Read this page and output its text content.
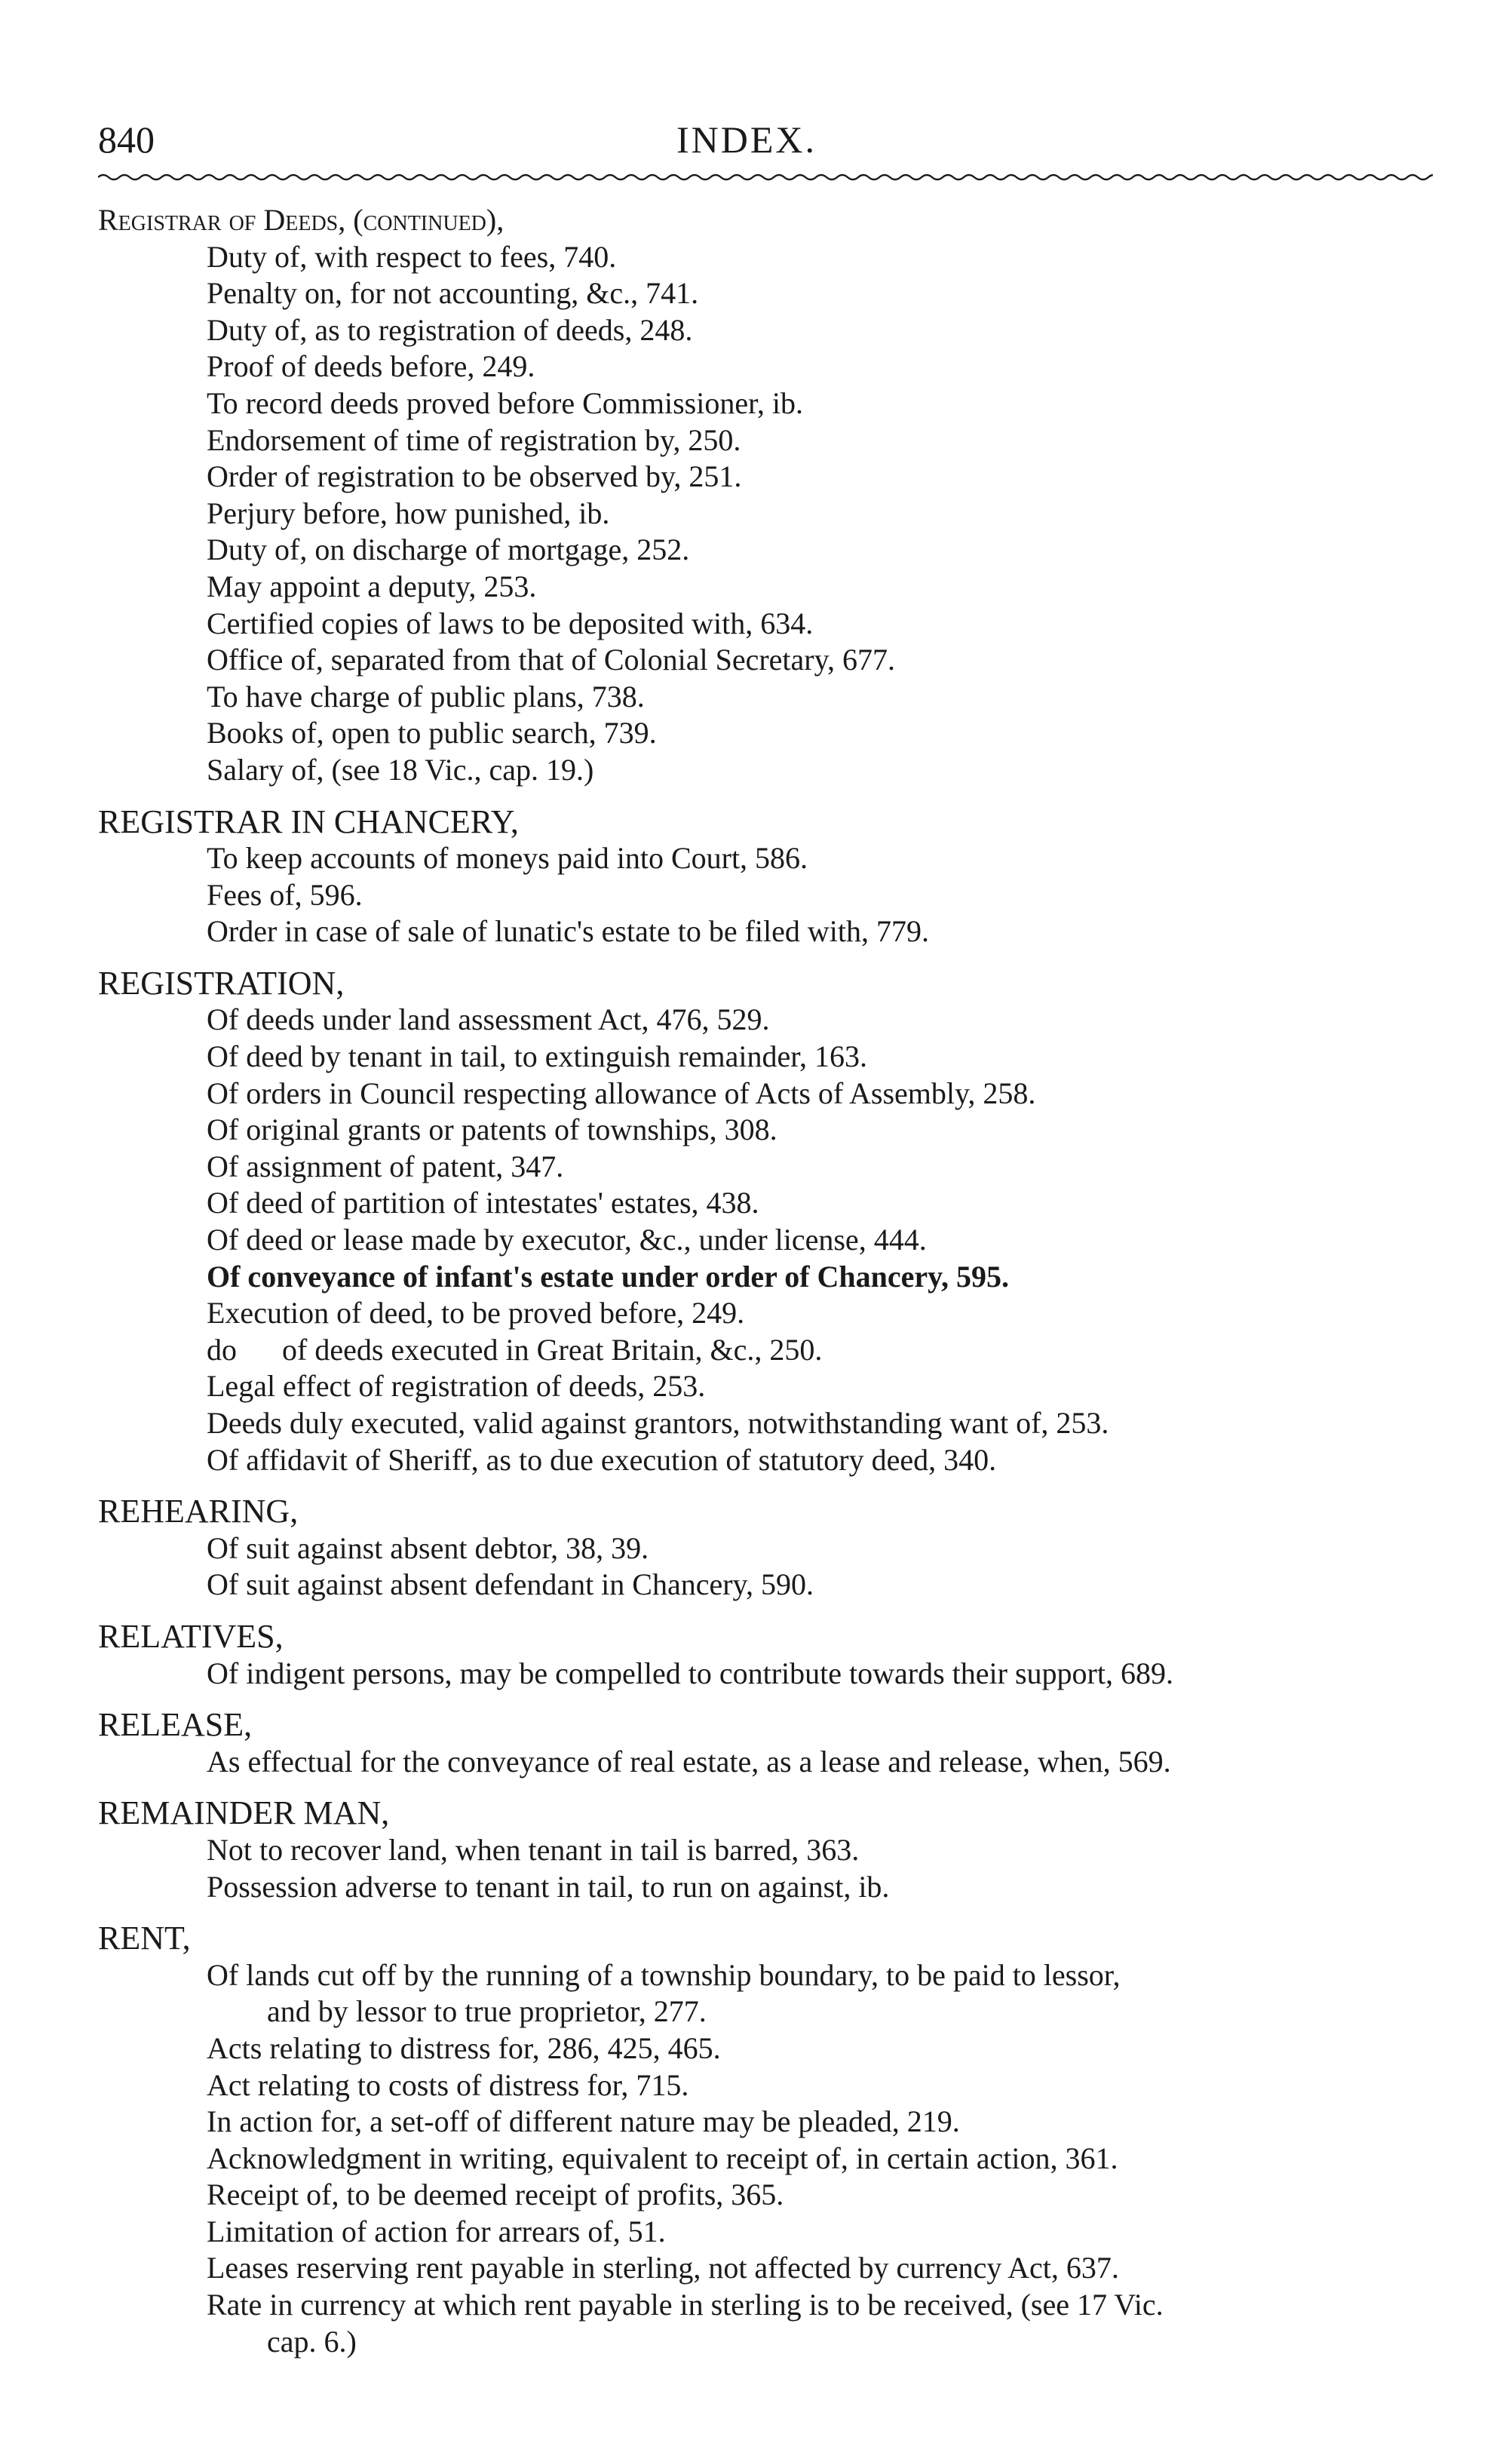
840	INDEX.
Registrar of Deeds, (continued),
Duty of, with respect to fees, 740.
Penalty on, for not accounting, &c., 741.
Duty of, as to registration of deeds, 248.
Proof of deeds before, 249.
To record deeds proved before Commissioner, ib.
Endorsement of time of registration by, 250.
Order of registration to be observed by, 251.
Perjury before, how punished, ib.
Duty of, on discharge of mortgage, 252.
May appoint a deputy, 253.
Certified copies of laws to be deposited with, 634.
Office of, separated from that of Colonial Secretary, 677.
To have charge of public plans, 738.
Books of, open to public search, 739.
Salary of, (see 18 Vic., cap. 19.)
REGISTRAR IN CHANCERY,
To keep accounts of moneys paid into Court, 586.
Fees of, 596.
Order in case of sale of lunatic's estate to be filed with, 779.
REGISTRATION,
Of deeds under land assessment Act, 476, 529.
Of deed by tenant in tail, to extinguish remainder, 163.
Of orders in Council respecting allowance of Acts of Assembly, 258.
Of original grants or patents of townships, 308.
Of assignment of patent, 347.
Of deed of partition of intestates' estates, 438.
Of deed or lease made by executor, &c., under license, 444.
Of conveyance of infant's estate under order of Chancery, 595.
Execution of deed, to be proved before, 249.
do      of deeds executed in Great Britain, &c., 250.
Legal effect of registration of deeds, 253.
Deeds duly executed, valid against grantors, notwithstanding want of, 253.
Of affidavit of Sheriff, as to due execution of statutory deed, 340.
REHEARING,
Of suit against absent debtor, 38, 39.
Of suit against absent defendant in Chancery, 590.
RELATIVES,
Of indigent persons, may be compelled to contribute towards their support, 689.
RELEASE,
As effectual for the conveyance of real estate, as a lease and release, when, 569.
REMAINDER MAN,
Not to recover land, when tenant in tail is barred, 363.
Possession adverse to tenant in tail, to run on against, ib.
RENT,
Of lands cut off by the running of a township boundary, to be paid to lessor,
and by lessor to true proprietor, 277.
Acts relating to distress for, 286, 425, 465.
Act relating to costs of distress for, 715.
In action for, a set-off of different nature may be pleaded, 219.
Acknowledgment in writing, equivalent to receipt of, in certain action, 361.
Receipt of, to be deemed receipt of profits, 365.
Limitation of action for arrears of, 51.
Leases reserving rent payable in sterling, not affected by currency Act, 637.
Rate in currency at which rent payable in sterling is to be received, (see 17 Vic.
cap. 6.)
